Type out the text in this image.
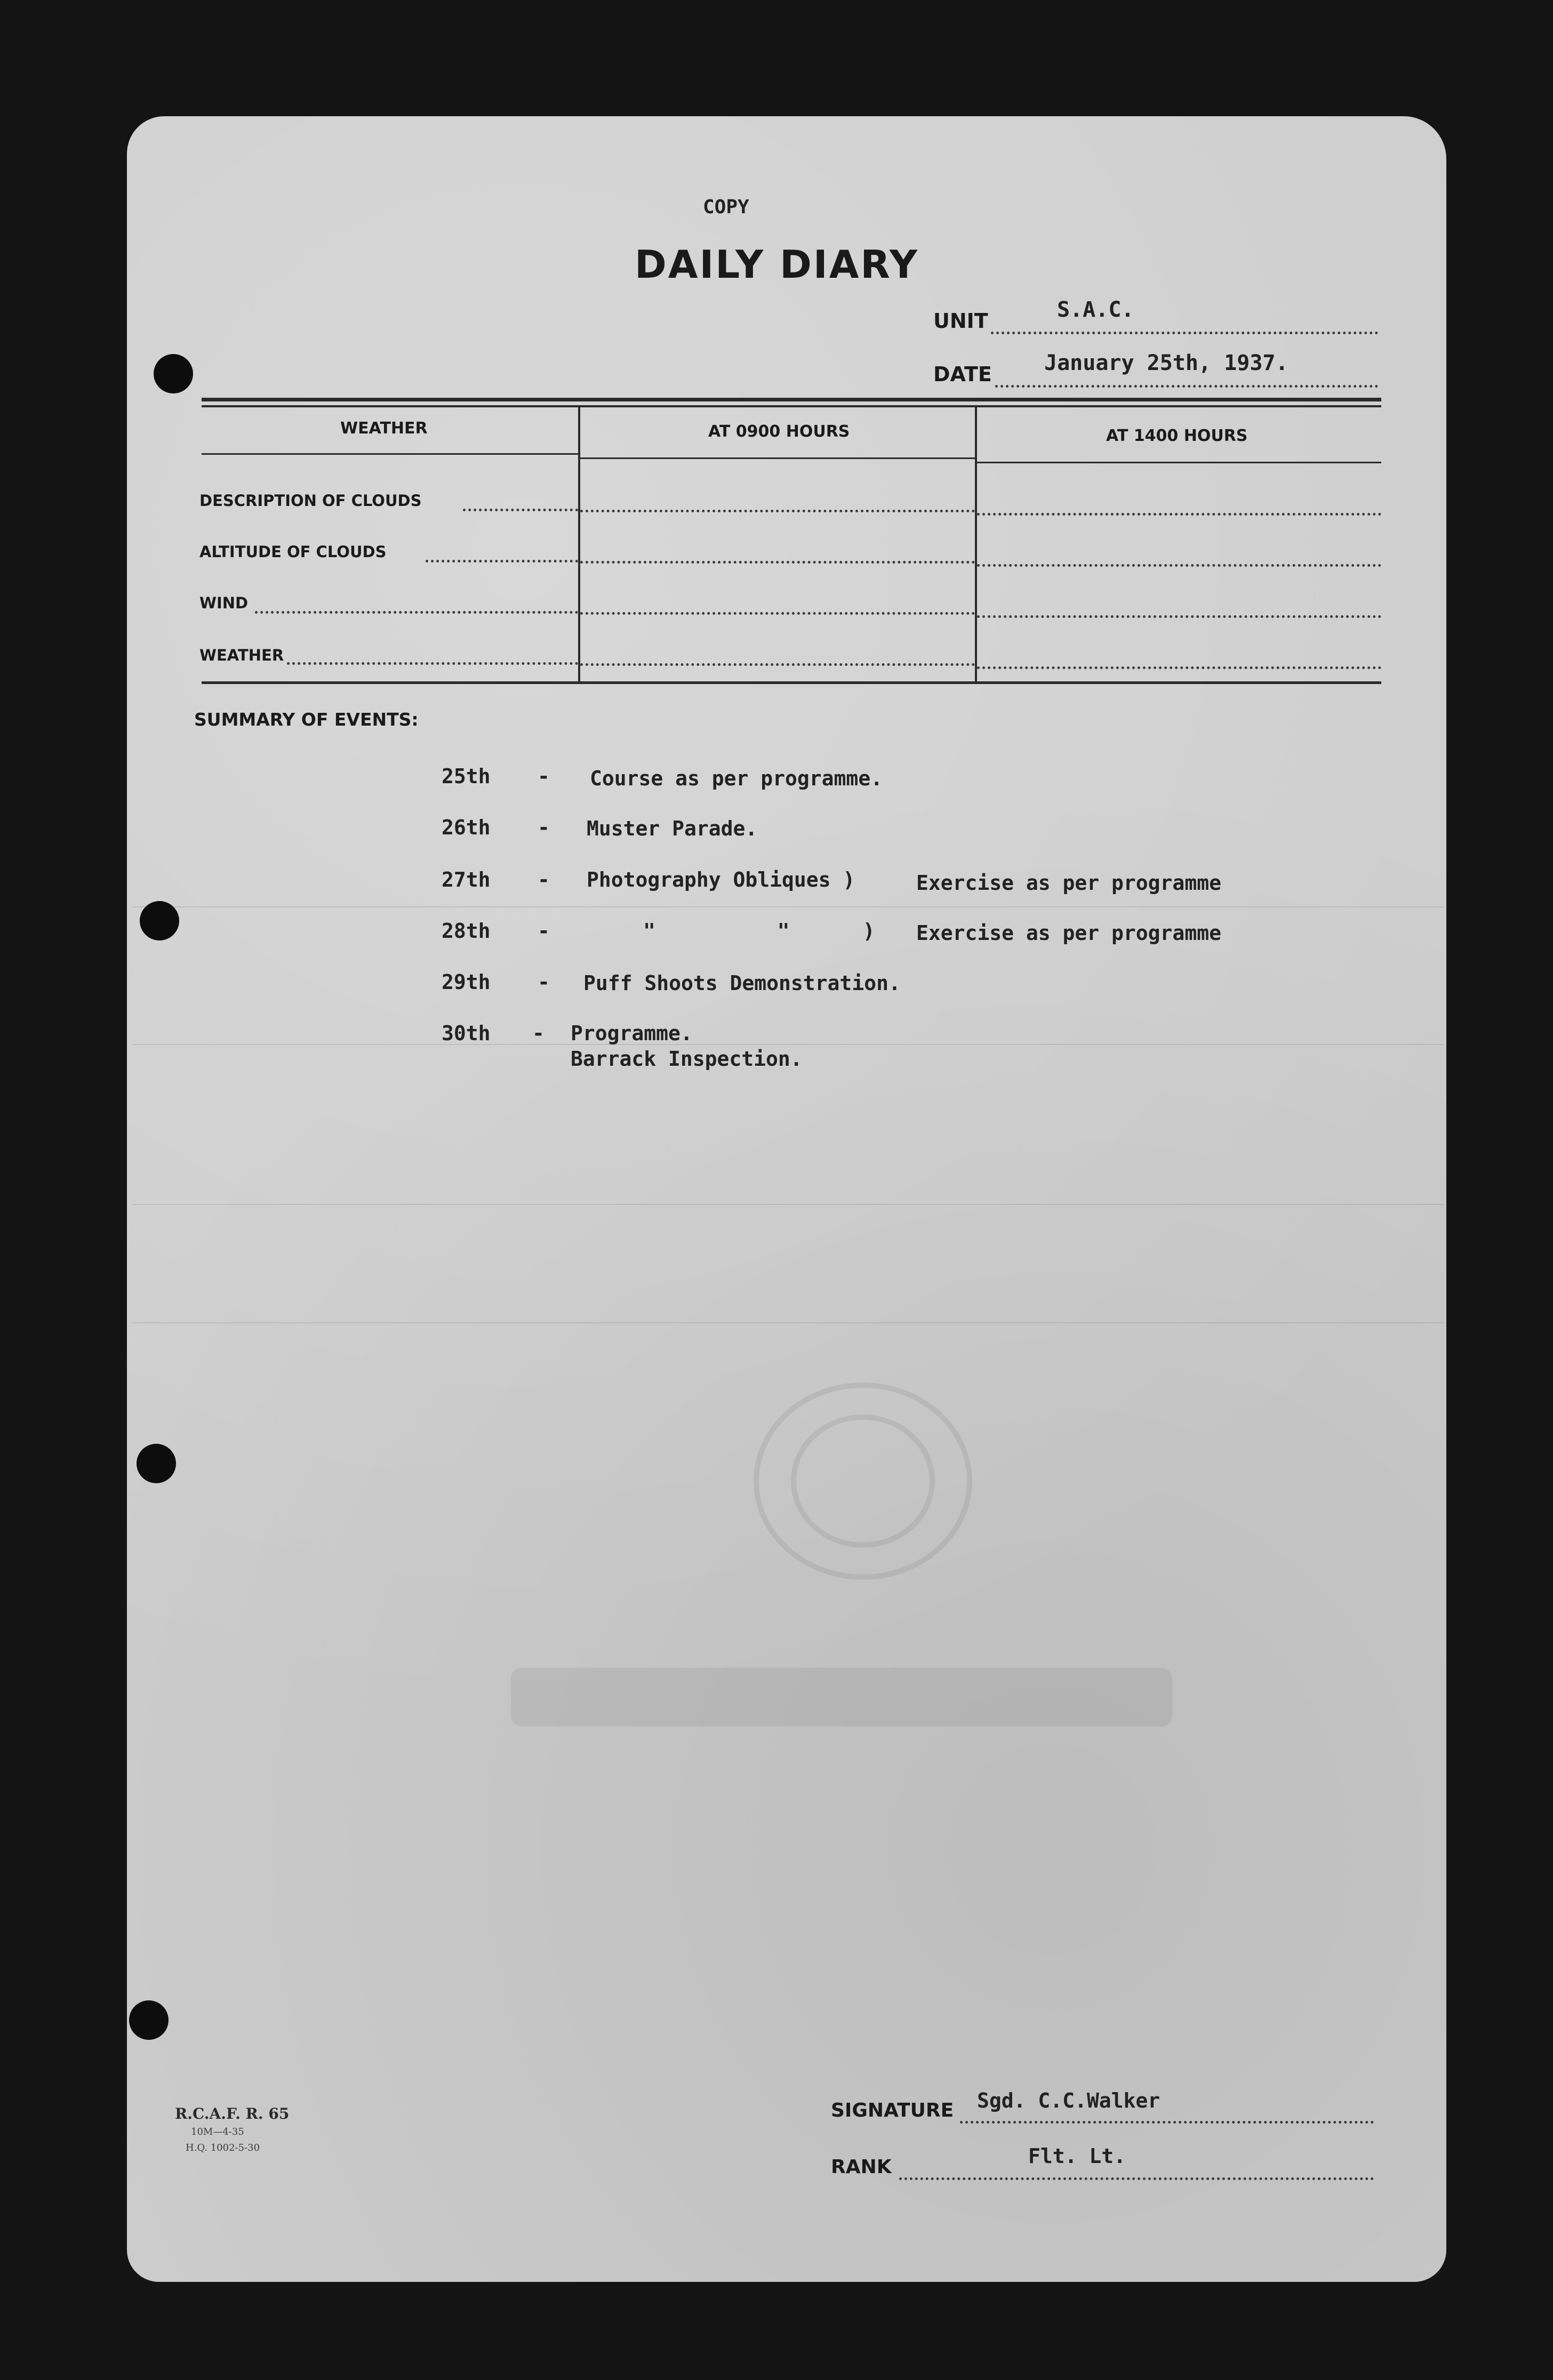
COPY
DAILY DIARY
UNIT	S.A.C.
DATE January 25th, 1937.
WEATHER	AT 0900 HOURS	AT 1400 HOURS
DESCRIPTION OF CLOUDS
ALTITUDE OF CLOUDS
WIND
WEATHER
SUMMARY OF EVENTS:
25th - Course as per programme.
26th - Muster Parade.
27th - Photography Obliques )	Exercise as per programme
28th -	"          "      ) Exercise as per programme
29th - Puff Shoots Demonstration.
30th - Programme.
Barrack Inspection.
R.C.A.F. R. 65
10M—4-35
H.Q. 1002-5-30
SIGNATURE Sgd. C.C.Walker
RANK	Flt. Lt.
